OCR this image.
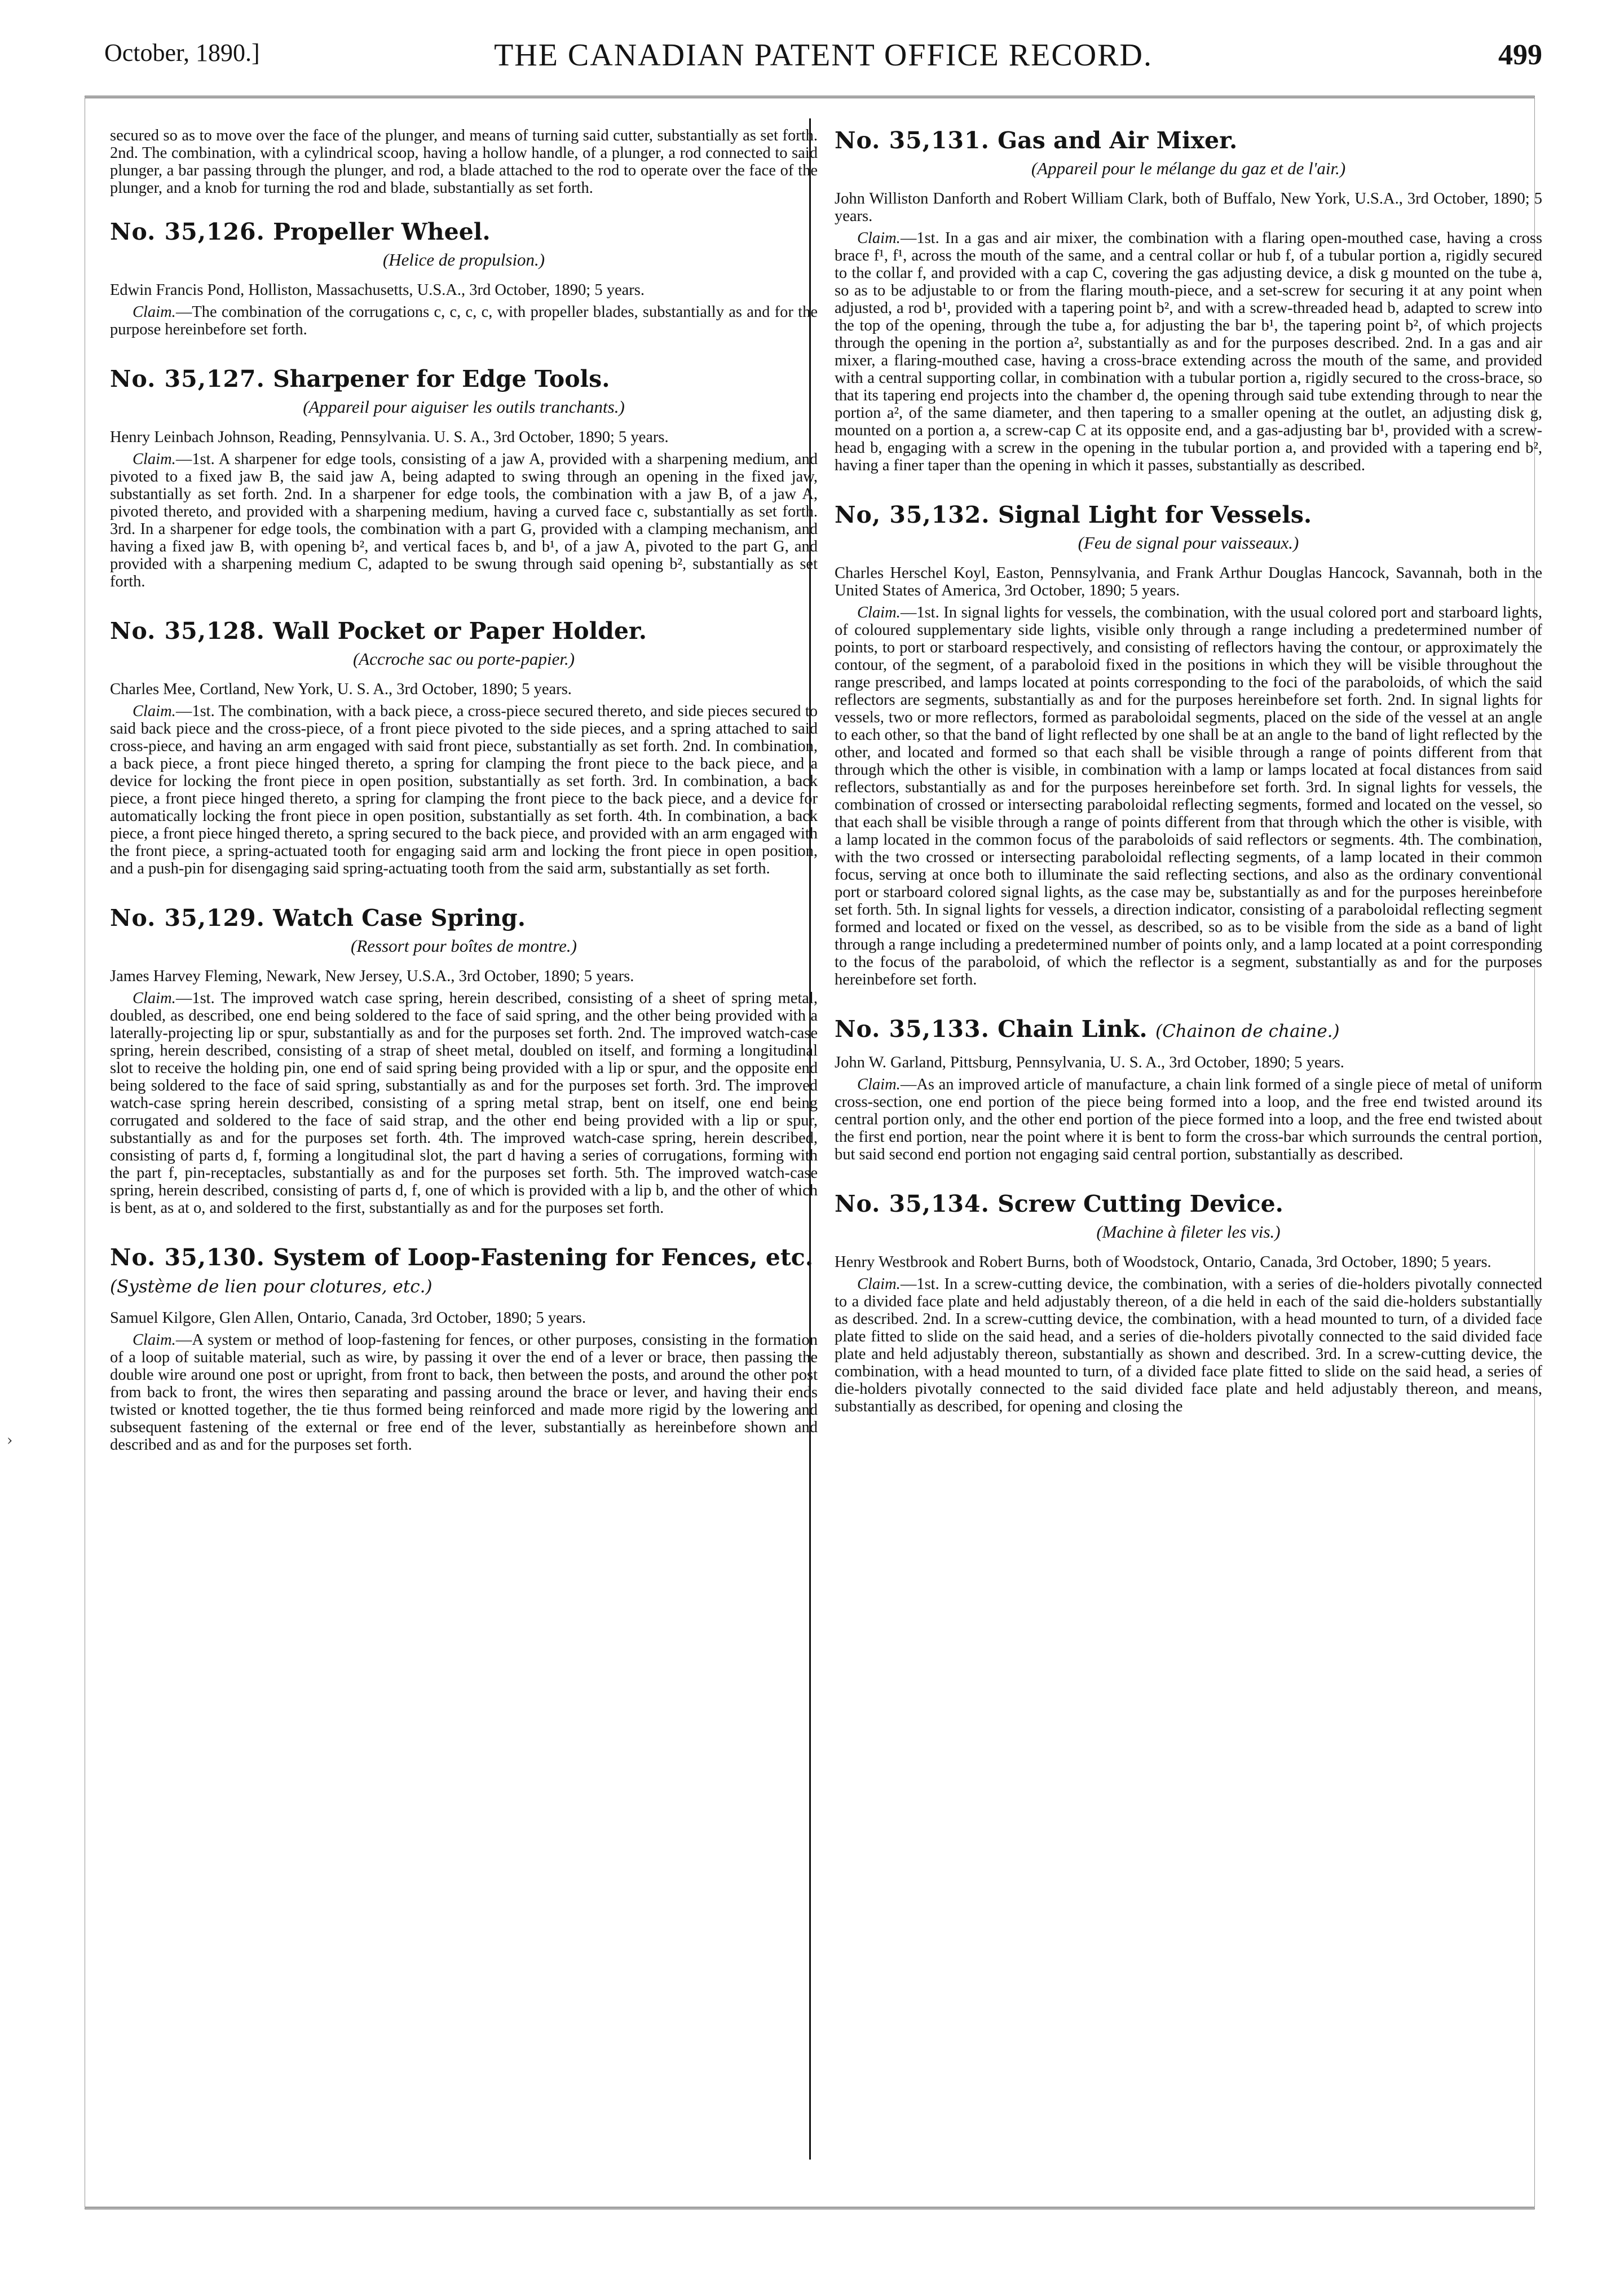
October, 1890.]	THE CANADIAN PATENT OFFICE RECORD.	499
›

secured so as to move over the face of the plunger, and means of turning said cutter, substantially as set forth. 2nd. The combination, with a cylindrical scoop, having a hollow handle, of a plunger, a rod connected to said plunger, a bar passing through the plunger, and rod, a blade attached to the rod to operate over the face of the plunger, and a knob for turning the rod and blade, substantially as set forth.

No. 35,126. Propeller Wheel.
(Helice de propulsion.)

Edwin Francis Pond, Holliston, Massachusetts, U.S.A., 3rd October, 1890; 5 years.

Claim.—The combination of the corrugations c, c, c, c, with propeller blades, substantially as and for the purpose hereinbefore set forth.

No. 35,127. Sharpener for Edge Tools.
(Appareil pour aiguiser les outils tranchants.)

Henry Leinbach Johnson, Reading, Pennsylvania. U. S. A., 3rd October, 1890; 5 years.

Claim.—1st. A sharpener for edge tools, consisting of a jaw A, provided with a sharpening medium, and pivoted to a fixed jaw B, the said jaw A, being adapted to swing through an opening in the fixed jaw, substantially as set forth. 2nd. In a sharpener for edge tools, the combination with a jaw B, of a jaw A, pivoted thereto, and provided with a sharpening medium, having a curved face c, substantially as set forth. 3rd. In a sharpener for edge tools, the combination with a part G, provided with a clamping mechanism, and having a fixed jaw B, with opening b², and vertical faces b, and b¹, of a jaw A, pivoted to the part G, and provided with a sharpening medium C, adapted to be swung through said opening b², substantially as set forth.

No. 35,128. Wall Pocket or Paper Holder.
(Accroche sac ou porte-papier.)

Charles Mee, Cortland, New York, U. S. A., 3rd October, 1890; 5 years.

Claim.—1st. The combination, with a back piece, a cross-piece secured thereto, and side pieces secured to said back piece and the cross-piece, of a front piece pivoted to the side pieces, and a spring attached to said cross-piece, and having an arm engaged with said front piece, substantially as set forth. 2nd. In combination, a back piece, a front piece hinged thereto, a spring for clamping the front piece to the back piece, and a device for locking the front piece in open position, substantially as set forth. 3rd. In combination, a back piece, a front piece hinged thereto, a spring for clamping the front piece to the back piece, and a device for automatically locking the front piece in open position, substantially as set forth. 4th. In combination, a back piece, a front piece hinged thereto, a spring secured to the back piece, and provided with an arm engaged with the front piece, a spring-actuated tooth for engaging said arm and locking the front piece in open position, and a push-pin for disengaging said spring-actuating tooth from the said arm, substantially as set forth.

No. 35,129. Watch Case Spring.
(Ressort pour boîtes de montre.)

James Harvey Fleming, Newark, New Jersey, U.S.A., 3rd October, 1890; 5 years.

Claim.—1st. The improved watch case spring, herein described, consisting of a sheet of spring metal, doubled, as described, one end being soldered to the face of said spring, and the other being provided with a laterally-projecting lip or spur, substantially as and for the purposes set forth. 2nd. The improved watch-case spring, herein described, consisting of a strap of sheet metal, doubled on itself, and forming a longitudinal slot to receive the holding pin, one end of said spring being provided with a lip or spur, and the opposite end being soldered to the face of said spring, substantially as and for the purposes set forth. 3rd. The improved watch-case spring herein described, consisting of a spring metal strap, bent on itself, one end being corrugated and soldered to the face of said strap, and the other end being provided with a lip or spur, substantially as and for the purposes set forth. 4th. The improved watch-case spring, herein described, consisting of parts d, f, forming a longitudinal slot, the part d having a series of corrugations, forming with the part f, pin-receptacles, substantially as and for the purposes set forth. 5th. The improved watch-case spring, herein described, consisting of parts d, f, one of which is provided with a lip b, and the other of which is bent, as at o, and soldered to the first, substantially as and for the purposes set forth.

No. 35,130. System of Loop-Fastening for Fences, etc. (Système de lien pour clotures, etc.)

Samuel Kilgore, Glen Allen, Ontario, Canada, 3rd October, 1890; 5 years.

Claim.—A system or method of loop-fastening for fences, or other purposes, consisting in the formation of a loop of suitable material, such as wire, by passing it over the end of a lever or brace, then passing the double wire around one post or upright, from front to back, then between the posts, and around the other post from back to front, the wires then separating and passing around the brace or lever, and having their ends twisted or knotted together, the tie thus formed being reinforced and made more rigid by the lowering and subsequent fastening of the external or free end of the lever, substantially as hereinbefore shown and described and as and for the purposes set forth.

No. 35,131. Gas and Air Mixer.
(Appareil pour le mélange du gaz et de l'air.)

John Williston Danforth and Robert William Clark, both of Buffalo, New York, U.S.A., 3rd October, 1890; 5 years.

Claim.—1st. In a gas and air mixer, the combination with a flaring open-mouthed case, having a cross brace f¹, f¹, across the mouth of the same, and a central collar or hub f, of a tubular portion a, rigidly secured to the collar f, and provided with a cap C, covering the gas adjusting device, a disk g mounted on the tube a, so as to be adjustable to or from the flaring mouth-piece, and a set-screw for securing it at any point when adjusted, a rod b¹, provided with a tapering point b², and with a screw-threaded head b, adapted to screw into the top of the opening, through the tube a, for adjusting the bar b¹, the tapering point b², of which projects through the opening in the portion a², substantially as and for the purposes described. 2nd. In a gas and air mixer, a flaring-mouthed case, having a cross-brace extending across the mouth of the same, and provided with a central supporting collar, in combination with a tubular portion a, rigidly secured to the cross-brace, so that its tapering end projects into the chamber d, the opening through said tube extending through to near the portion a², of the same diameter, and then tapering to a smaller opening at the outlet, an adjusting disk g, mounted on a portion a, a screw-cap C at its opposite end, and a gas-adjusting bar b¹, provided with a screw-head b, engaging with a screw in the opening in the tubular portion a, and provided with a tapering end b², having a finer taper than the opening in which it passes, substantially as described.

No, 35,132. Signal Light for Vessels.
(Feu de signal pour vaisseaux.)

Charles Herschel Koyl, Easton, Pennsylvania, and Frank Arthur Douglas Hancock, Savannah, both in the United States of America, 3rd October, 1890; 5 years.

Claim.—1st. In signal lights for vessels, the combination, with the usual colored port and starboard lights, of coloured supplementary side lights, visible only through a range including a predetermined number of points, to port or starboard respectively, and consisting of reflectors having the contour, or approximately the contour, of the segment, of a paraboloid fixed in the positions in which they will be visible throughout the range prescribed, and lamps located at points corresponding to the foci of the paraboloids, of which the said reflectors are segments, substantially as and for the purposes hereinbefore set forth. 2nd. In signal lights for vessels, two or more reflectors, formed as paraboloidal segments, placed on the side of the vessel at an angle to each other, so that the band of light reflected by one shall be at an angle to the band of light reflected by the other, and located and formed so that each shall be visible through a range of points different from that through which the other is visible, in combination with a lamp or lamps located at focal distances from said reflectors, substantially as and for the purposes hereinbefore set forth. 3rd. In signal lights for vessels, the combination of crossed or intersecting paraboloidal reflecting segments, formed and located on the vessel, so that each shall be visible through a range of points different from that through which the other is visible, with a lamp located in the common focus of the paraboloids of said reflectors or segments. 4th. The combination, with the two crossed or intersecting paraboloidal reflecting segments, of a lamp located in their common focus, serving at once both to illuminate the said reflecting sections, and also as the ordinary conventional port or starboard colored signal lights, as the case may be, substantially as and for the purposes hereinbefore set forth. 5th. In signal lights for vessels, a direction indicator, consisting of a paraboloidal reflecting segment formed and located or fixed on the vessel, as described, so as to be visible from the side as a band of light through a range including a predetermined number of points only, and a lamp located at a point corresponding to the focus of the paraboloid, of which the reflector is a segment, substantially as and for the purposes hereinbefore set forth.

No. 35,133. Chain Link. (Chainon de chaine.)

John W. Garland, Pittsburg, Pennsylvania, U. S. A., 3rd October, 1890; 5 years.

Claim.—As an improved article of manufacture, a chain link formed of a single piece of metal of uniform cross-section, one end portion of the piece being formed into a loop, and the free end twisted around its central portion only, and the other end portion of the piece formed into a loop, and the free end twisted about the first end portion, near the point where it is bent to form the cross-bar which surrounds the central portion, but said second end portion not engaging said central portion, substantially as described.

No. 35,134. Screw Cutting Device.
(Machine à fileter les vis.)

Henry Westbrook and Robert Burns, both of Woodstock, Ontario, Canada, 3rd October, 1890; 5 years.

Claim.—1st. In a screw-cutting device, the combination, with a series of die-holders pivotally connected to a divided face plate and held adjustably thereon, of a die held in each of the said die-holders substantially as described. 2nd. In a screw-cutting device, the combination, with a head mounted to turn, of a divided face plate fitted to slide on the said head, and a series of die-holders pivotally connected to the said divided face plate and held adjustably thereon, substantially as shown and described. 3rd. In a screw-cutting device, the combination, with a head mounted to turn, of a divided face plate fitted to slide on the said head, a series of die-holders pivotally connected to the said divided face plate and held adjustably thereon, and means, substantially as described, for opening and closing the
